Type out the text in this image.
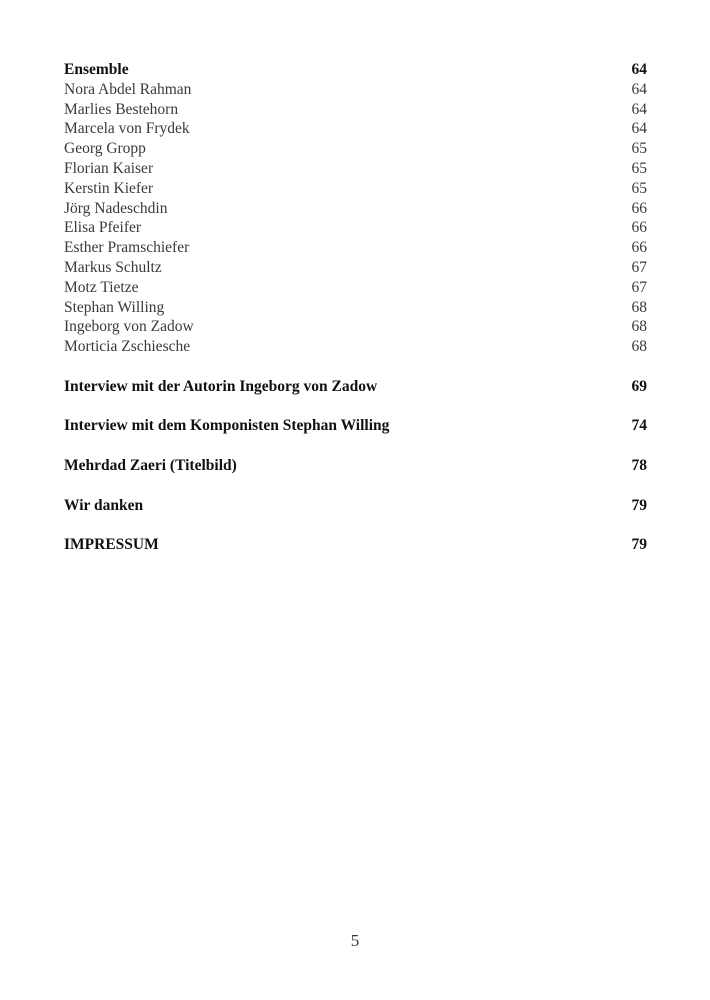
Ensemble	64
Nora Abdel Rahman	64
Marlies Bestehorn	64
Marcela von Frydek	64
Georg Gropp	65
Florian Kaiser	65
Kerstin Kiefer	65
Jörg Nadeschdin	66
Elisa Pfeifer	66
Esther Pramschiefer	66
Markus Schultz	67
Motz Tietze	67
Stephan Willing	68
Ingeborg von Zadow	68
Morticia Zschiesche	68
Interview mit der Autorin Ingeborg von Zadow	69
Interview mit dem Komponisten Stephan Willing	74
Mehrdad Zaeri (Titelbild)	78
Wir danken	79
IMPRESSUM	79
5
